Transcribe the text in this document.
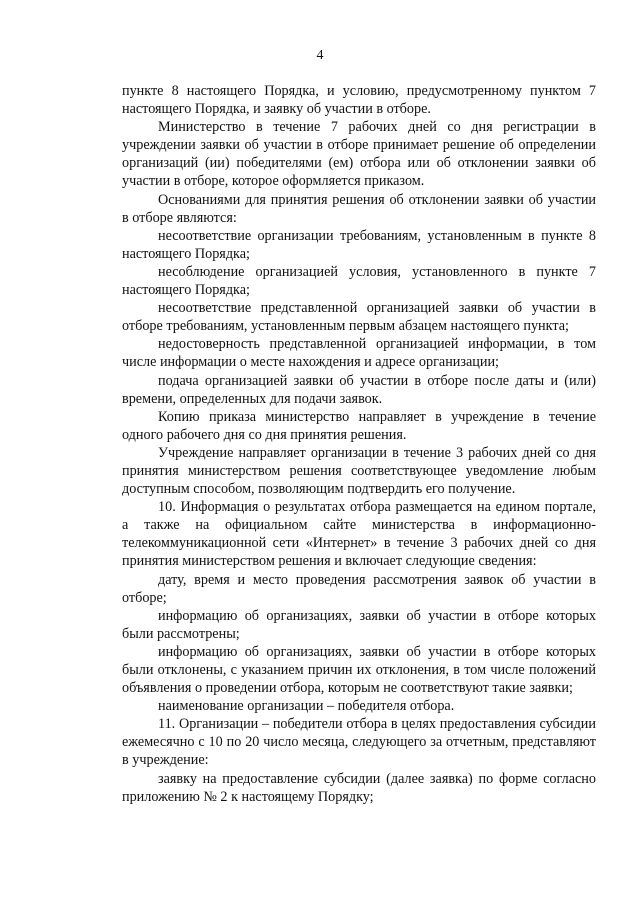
4

пункте 8 настоящего Порядка, и условию, предусмотренному пунктом 7 настоящего Порядка, и заявку об участии в отборе.

Министерство в течение 7 рабочих дней со дня регистрации в учреждении заявки об участии в отборе принимает решение об определении организаций (ии) победителями (ем) отбора или об отклонении заявки об участии в отборе, которое оформляется приказом.

Основаниями для принятия решения об отклонении заявки об участии в отборе являются:

несоответствие организации требованиям, установленным в пункте 8 настоящего Порядка;

несоблюдение организацией условия, установленного в пункте 7 настоящего Порядка;

несоответствие представленной организацией заявки об участии в отборе требованиям, установленным первым абзацем настоящего пункта;

недостоверность представленной организацией информации, в том числе информации о месте нахождения и адресе организации;

подача организацией заявки об участии в отборе после даты и (или) времени, определенных для подачи заявок.

Копию приказа министерство направляет в учреждение в течение одного рабочего дня со дня принятия решения.

Учреждение направляет организации в течение 3 рабочих дней со дня принятия министерством решения соответствующее уведомление любым доступным способом, позволяющим подтвердить его получение.

10. Информация о результатах отбора размещается на едином портале, а также на официальном сайте министерства в информационно-телекоммуникационной сети «Интернет» в течение 3 рабочих дней со дня принятия министерством решения и включает следующие сведения:

дату, время и место проведения рассмотрения заявок об участии в отборе;

информацию об организациях, заявки об участии в отборе которых были рассмотрены;

информацию об организациях, заявки об участии в отборе которых были отклонены, с указанием причин их отклонения, в том числе положений объявления о проведении отбора, которым не соответствуют такие заявки;

наименование организации – победителя отбора.

11. Организации – победители отбора в целях предоставления субсидии ежемесячно с 10 по 20 число месяца, следующего за отчетным, представляют в учреждение:

заявку на предоставление субсидии (далее заявка) по форме согласно приложению № 2 к настоящему Порядку;
